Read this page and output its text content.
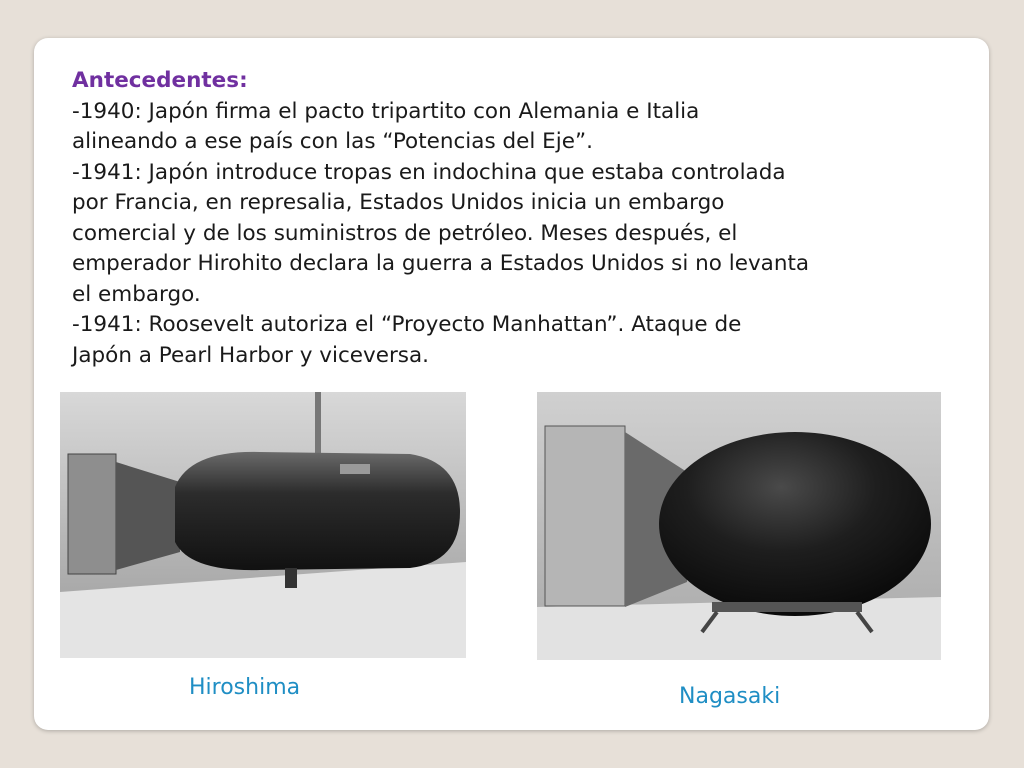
Antecedentes:

-1940: Japón firma el pacto tripartito con Alemania e Italia
alineando a ese país con las “Potencias del Eje”.

-1941: Japón introduce tropas en indochina que estaba controlada
por Francia, en represalia, Estados Unidos inicia un embargo
comercial y de los suministros de petróleo. Meses después, el
emperador Hirohito declara la guerra a Estados Unidos si no levanta
el embargo.

-1941: Roosevelt autoriza el “Proyecto Manhattan”. Ataque de
Japón a Pearl Harbor y viceversa.

Hiroshima	Nagasaki
